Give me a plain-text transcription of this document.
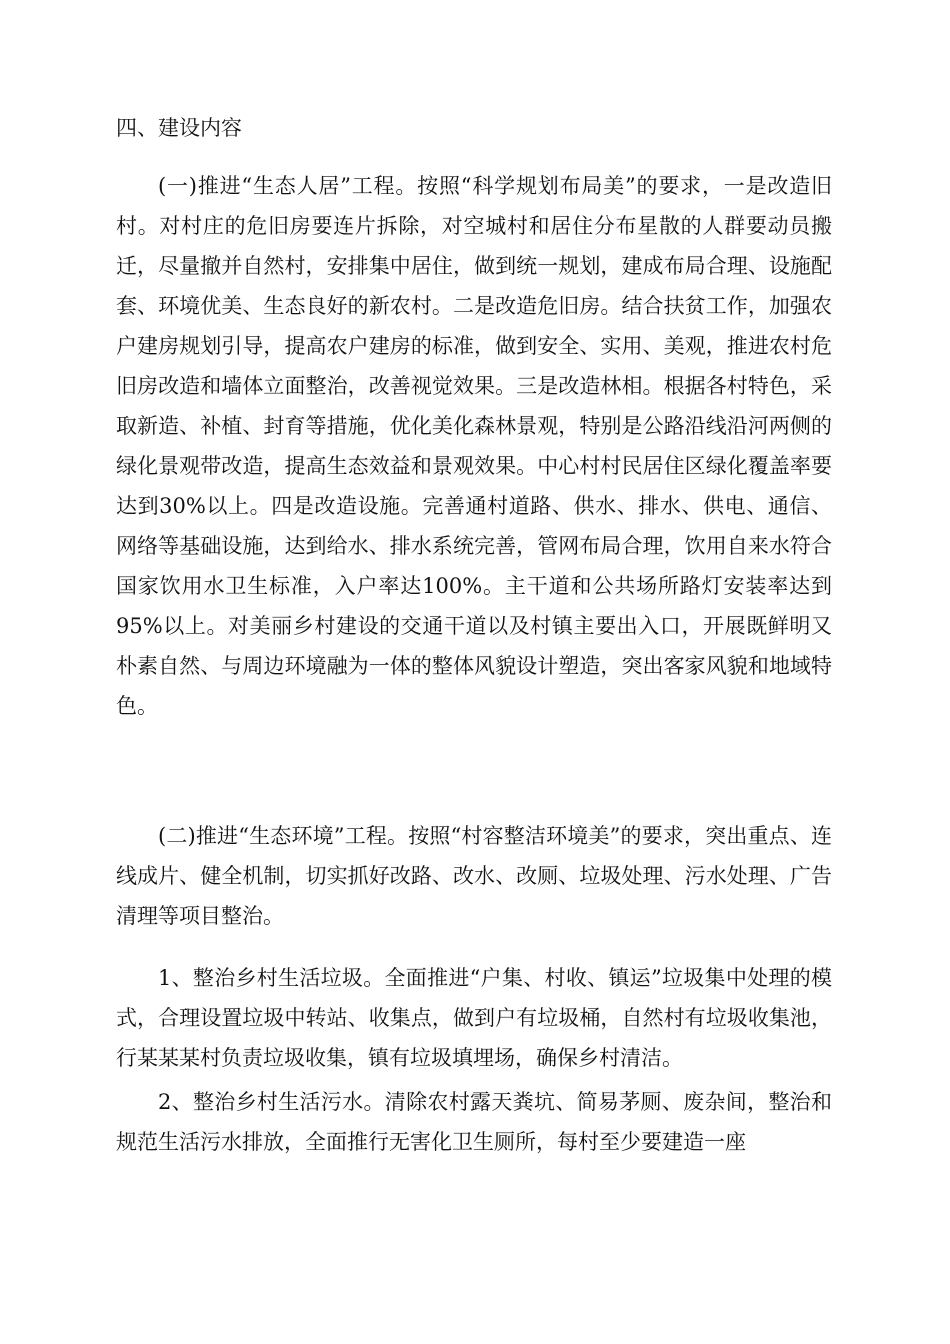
四、建设内容

(一)推进“生态人居”工程。按照“科学规划布局美”的要求，一是改造旧村。对村庄的危旧房要连片拆除，对空城村和居住分布星散的人群要动员搬迁，尽量撤并自然村，安排集中居住，做到统一规划，建成布局合理、设施配套、环境优美、生态良好的新农村。二是改造危旧房。结合扶贫工作，加强农户建房规划引导，提高农户建房的标准，做到安全、实用、美观，推进农村危旧房改造和墙体立面整治，改善视觉效果。三是改造林相。根据各村特色，采取新造、补植、封育等措施，优化美化森林景观，特别是公路沿线沿河两侧的绿化景观带改造，提高生态效益和景观效果。中心村村民居住区绿化覆盖率要达到30%以上。四是改造设施。完善通村道路、供水、排水、供电、通信、网络等基础设施，达到给水、排水系统完善，管网布局合理，饮用自来水符合国家饮用水卫生标准，入户率达100%。主干道和公共场所路灯安装率达到95%以上。对美丽乡村建设的交通干道以及村镇主要出入口，开展既鲜明又朴素自然、与周边环境融为一体的整体风貌设计塑造，突出客家风貌和地域特色。

(二)推进“生态环境”工程。按照“村容整洁环境美”的要求，突出重点、连线成片、健全机制，切实抓好改路、改水、改厕、垃圾处理、污水处理、广告清理等项目整治。

1、整治乡村生活垃圾。全面推进“户集、村收、镇运”垃圾集中处理的模式，合理设置垃圾中转站、收集点，做到户有垃圾桶，自然村有垃圾收集池，行某某某村负责垃圾收集，镇有垃圾填埋场，确保乡村清洁。

2、整治乡村生活污水。清除农村露天粪坑、简易茅厕、废杂间，整治和规范生活污水排放，全面推行无害化卫生厕所，每村至少要建造一座
